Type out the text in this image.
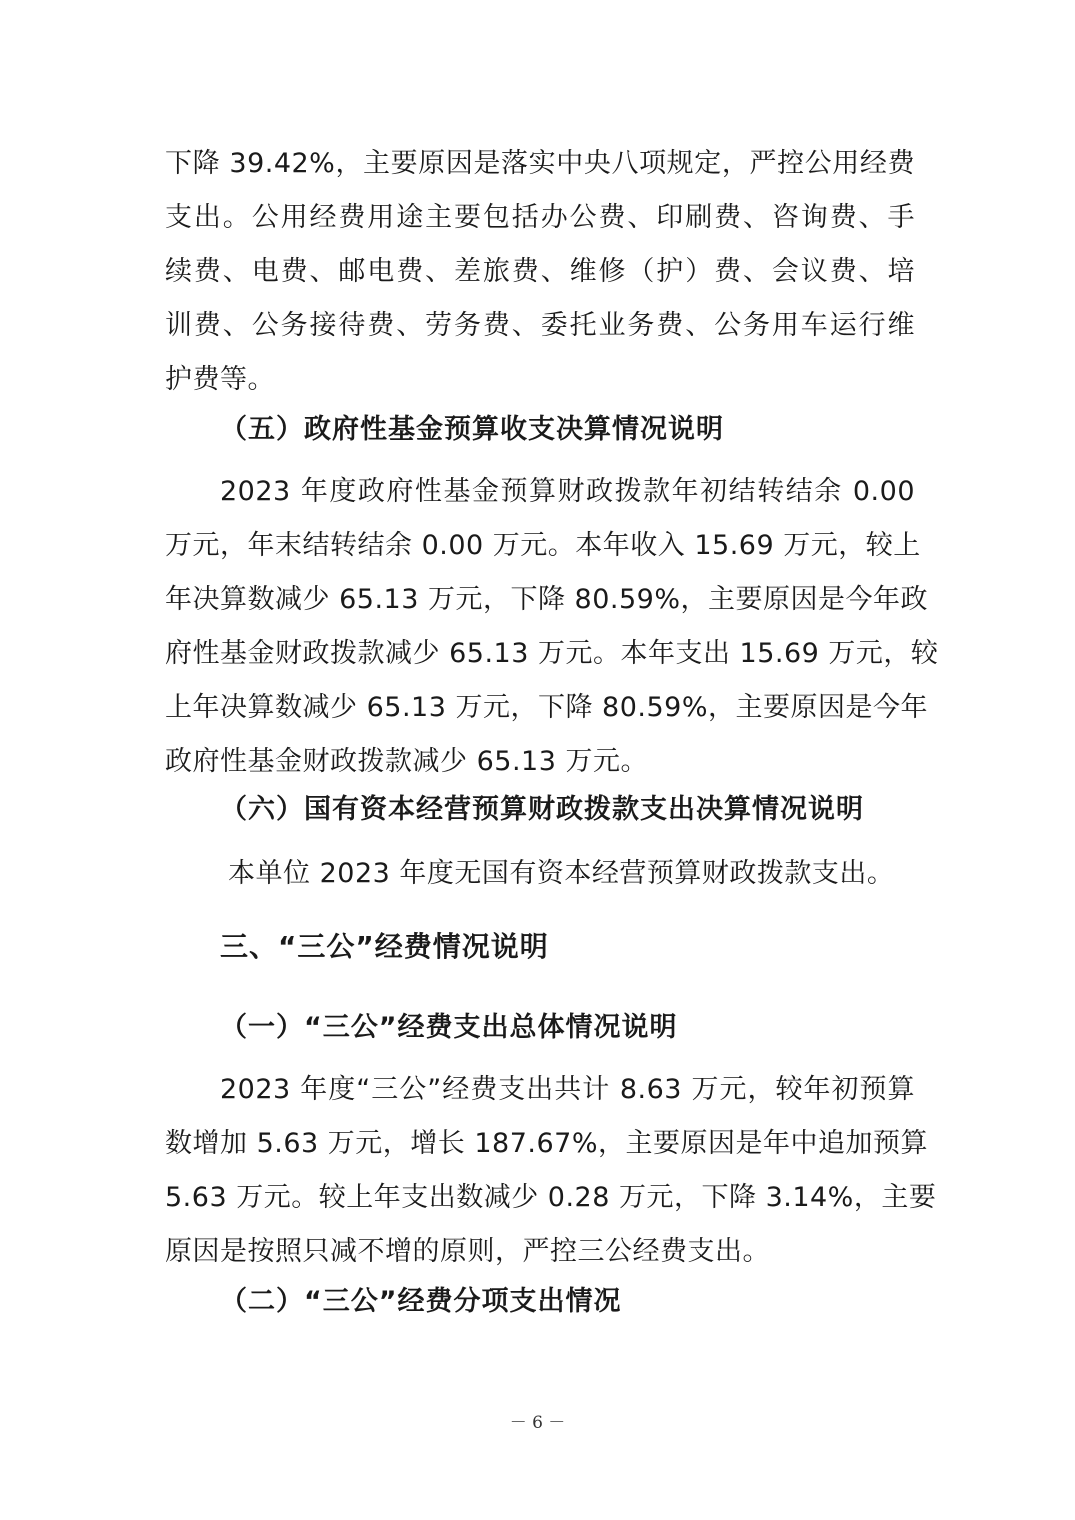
下降 39.42%，主要原因是落实中央八项规定，严控公用经费
支出。公用经费用途主要包括办公费、印刷费、咨询费、手
续费、电费、邮电费、差旅费、维修（护）费、会议费、培
训费、公务接待费、劳务费、委托业务费、公务用车运行维
护费等。
（五）政府性基金预算收支决算情况说明
2023 年度政府性基金预算财政拨款年初结转结余 0.00
万元，年末结转结余 0.00 万元。本年收入 15.69 万元，较上
年决算数减少 65.13 万元，下降 80.59%，主要原因是今年政
府性基金财政拨款减少 65.13 万元。本年支出 15.69 万元，较
上年决算数减少 65.13 万元，下降 80.59%，主要原因是今年
政府性基金财政拨款减少 65.13 万元。
（六）国有资本经营预算财政拨款支出决算情况说明
本单位 2023 年度无国有资本经营预算财政拨款支出。
三、“三公”经费情况说明
（一）“三公”经费支出总体情况说明
2023 年度“三公”经费支出共计 8.63 万元，较年初预算
数增加 5.63 万元，增长 187.67%，主要原因是年中追加预算
5.63 万元。较上年支出数减少 0.28 万元，下降 3.14%，主要
原因是按照只减不增的原则，严控三公经费支出。
（二）“三公”经费分项支出情况
－ 6 －
